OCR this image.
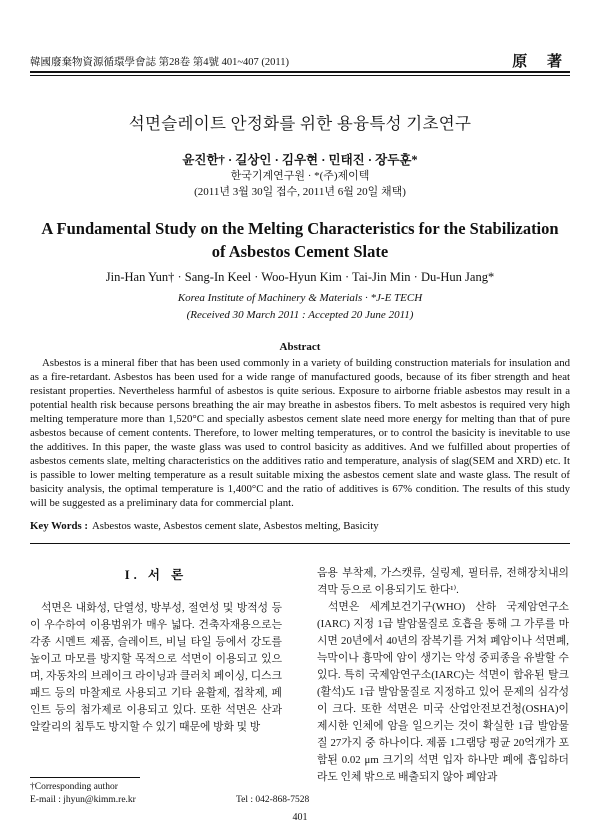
韓國廢棄物資源循環學會誌 第28卷 第4號 401~407 (2011)	原 著
석면슬레이트 안정화를 위한 용융특성 기초연구
윤진한† · 길상인 · 김우현 · 민태진 · 장두훈*
한국기계연구원 · *(주)제이텍
(2011년 3월 30일 접수, 2011년 6월 20일 채택)
A Fundamental Study on the Melting Characteristics for the Stabilization
of Asbestos Cement Slate
Jin-Han Yun† · Sang-In Keel · Woo-Hyun Kim · Tai-Jin Min · Du-Hun Jang*
Korea Institute of Machinery & Materials · *J-E TECH
(Received 30 March 2011 : Accepted 20 June 2011)
Abstract

Asbestos is a mineral fiber that has been used commonly in a variety of building construction materials for insulation and as a fire-retardant. Asbestos has been used for a wide range of manufactured goods, because of its fiber strength and heat resistant properties. Nevertheless harmful of asbestos is quite serious. Exposure to airborne friable asbestos may result in a potential health risk because persons breathing the air may breathe in asbestos fibers. To melt asbestos is required very high melting temperature more than 1,520°C and specially asbestos cement slate need more energy for melting than that of pure asbestos because of cement contents. Therefore, to lower melting temperatures, or to control the basicity is inevitable to use the additives. In this paper, the waste glass was used to control basicity as additives. And we fulfilled about properties of asbestos cements slate, melting characteristics on the additives ratio and temperature, analysis of slag(SEM and XRD) etc. It is passible to lower melting temperature as a result suitable mixing the asbestos cement slate and waste glass. The result of basicity analysis, the optimal temperature is 1,400°C and the ratio of additives is 67% condition. The results of this study will be suggested as a preliminary data for commercial plant.

Key Words : Asbestos waste, Asbestos cement slate, Asbestos melting, Basicity
I. 서 론

석면은 내화성, 단열성, 방부성, 절연성 및 방적성 등이 우수하여 이용범위가 매우 넓다. 건축자재용으로는 각종 시멘트 제품, 슬레이트, 비닐 타일 등에서 강도를 높이고 마모를 방지할 목적으로 석면이 이용되고 있으며, 자동차의 브레이크 라이닝과 클러치 페이싱, 디스크 패드 등의 마찰제로 사용되고 기타 윤활제, 접착제, 페인트 등의 첨가제로 이용되고 있다. 또한 석면은 산과 알칼리의 침투도 방지할 수 있기 때문에 방화 및 방

음용 부착제, 가스캣류, 실링제, 필터류, 전해장치내의 격막 등으로 이용되기도 한다¹⁾.

석면은 세계보건기구(WHO) 산하 국제암연구소(IARC) 지정 1급 발암물질로 호흡을 통해 그 가루를 마시면 20년에서 40년의 잠복기를 거쳐 폐암이나 석면폐, 늑막이나 흉막에 암이 생기는 악성 중피종을 유발할 수 있다. 특히 국제암연구소(IARC)는 석면이 함유된 탈크(활석)도 1급 발암물질로 지정하고 있어 문제의 심각성이 크다. 또한 석면은 미국 산업안전보건청(OSHA)이 제시한 인체에 암을 일으키는 것이 확실한 1급 발암물질 27가지 중 하나이다. 제품 1그램당 평균 20억개가 포함된 0.02 μm 크기의 석면 입자 하나만 폐에 흡입하더라도 인체 밖으로 배출되지 않아 폐암과

†Corresponding author
E-mail : jhyun@kimm.re.kr	Tel : 042-868-7528
401
